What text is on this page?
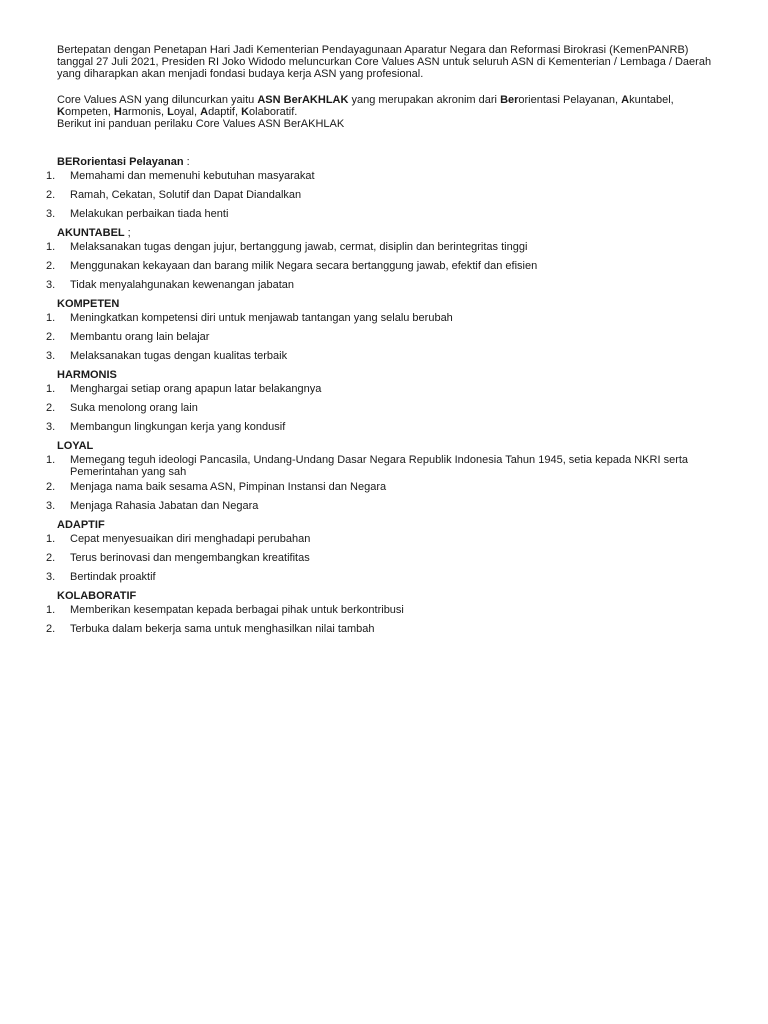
Bertepatan dengan Penetapan Hari Jadi Kementerian Pendayagunaan Aparatur Negara dan Reformasi Birokrasi (KemenPANRB) tanggal 27 Juli 2021, Presiden RI Joko Widodo meluncurkan Core Values ASN untuk seluruh ASN di Kementerian / Lembaga / Daerah yang diharapkan akan menjadi fondasi budaya kerja ASN yang profesional.

Core Values ASN yang diluncurkan yaitu ASN BerAKHLAK yang merupakan akronim dari Berorientasi Pelayanan, Akuntabel, Kompeten, Harmonis, Loyal, Adaptif, Kolaboratif.
Berikut ini panduan perilaku Core Values ASN BerAKHLAK

BERorientasi Pelayanan :
1. Memahami dan memenuhi kebutuhan masyarakat
2. Ramah, Cekatan, Solutif dan Dapat Diandalkan
3. Melakukan perbaikan tiada henti
AKUNTABEL ;
1. Melaksanakan tugas dengan jujur, bertanggung jawab, cermat, disiplin dan berintegritas tinggi
2. Menggunakan kekayaan dan barang milik Negara secara bertanggung jawab, efektif dan efisien
3. Tidak menyalahgunakan kewenangan jabatan
KOMPETEN
1. Meningkatkan kompetensi diri untuk menjawab tantangan yang selalu berubah
2. Membantu orang lain belajar
3. Melaksanakan tugas dengan kualitas terbaik
HARMONIS
1. Menghargai setiap orang apapun latar belakangnya
2. Suka menolong orang lain
3. Membangun lingkungan kerja yang kondusif
LOYAL
1. Memegang teguh ideologi Pancasila, Undang-Undang Dasar Negara Republik Indonesia Tahun 1945, setia kepada NKRI serta Pemerintahan yang sah
2. Menjaga nama baik sesama ASN, Pimpinan Instansi dan Negara
3. Menjaga Rahasia Jabatan dan Negara
ADAPTIF
1. Cepat menyesuaikan diri menghadapi perubahan
2. Terus berinovasi dan mengembangkan kreatifitas
3. Bertindak proaktif
KOLABORATIF
1. Memberikan kesempatan kepada berbagai pihak untuk berkontribusi
2. Terbuka dalam bekerja sama untuk menghasilkan nilai tambah
